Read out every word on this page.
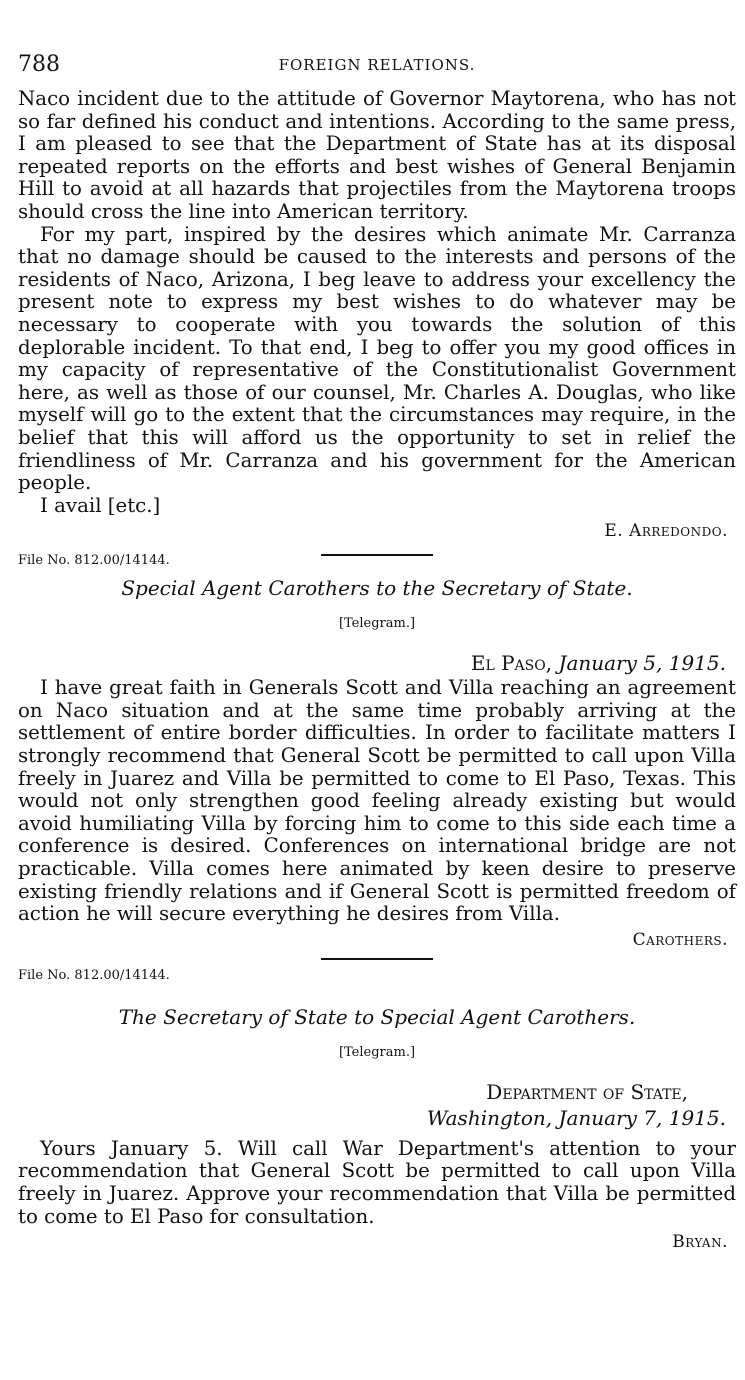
788	FOREIGN RELATIONS.

Naco incident due to the attitude of Governor Maytorena, who has not so far defined his conduct and intentions. According to the same press, I am pleased to see that the Department of State has at its disposal repeated reports on the efforts and best wishes of General Benjamin Hill to avoid at all hazards that projectiles from the Maytorena troops should cross the line into American territory.

For my part, inspired by the desires which animate Mr. Carranza that no damage should be caused to the interests and persons of the residents of Naco, Arizona, I beg leave to address your excellency the present note to express my best wishes to do whatever may be necessary to cooperate with you towards the solution of this deplorable incident. To that end, I beg to offer you my good offices in my capacity of representative of the Constitutionalist Government here, as well as those of our counsel, Mr. Charles A. Douglas, who like myself will go to the extent that the circumstances may require, in the belief that this will afford us the opportunity to set in relief the friendliness of Mr. Carranza and his government for the American people.

I avail [etc.]

E. Arredondo.
File No. 812.00/14144.
Special Agent Carothers to the Secretary of State.
[Telegram.]
El Paso, January 5, 1915.

I have great faith in Generals Scott and Villa reaching an agreement on Naco situation and at the same time probably arriving at the settlement of entire border difficulties. In order to facilitate matters I strongly recommend that General Scott be permitted to call upon Villa freely in Juarez and Villa be permitted to come to El Paso, Texas. This would not only strengthen good feeling already existing but would avoid humiliating Villa by forcing him to come to this side each time a conference is desired. Conferences on international bridge are not practicable. Villa comes here animated by keen desire to preserve existing friendly relations and if General Scott is permitted freedom of action he will secure everything he desires from Villa.

Carothers.
File No. 812.00/14144.
The Secretary of State to Special Agent Carothers.
[Telegram.]
Department of State,
Washington, January 7, 1915.

Yours January 5. Will call War Department's attention to your recommendation that General Scott be permitted to call upon Villa freely in Juarez. Approve your recommendation that Villa be permitted to come to El Paso for consultation.

Bryan.
